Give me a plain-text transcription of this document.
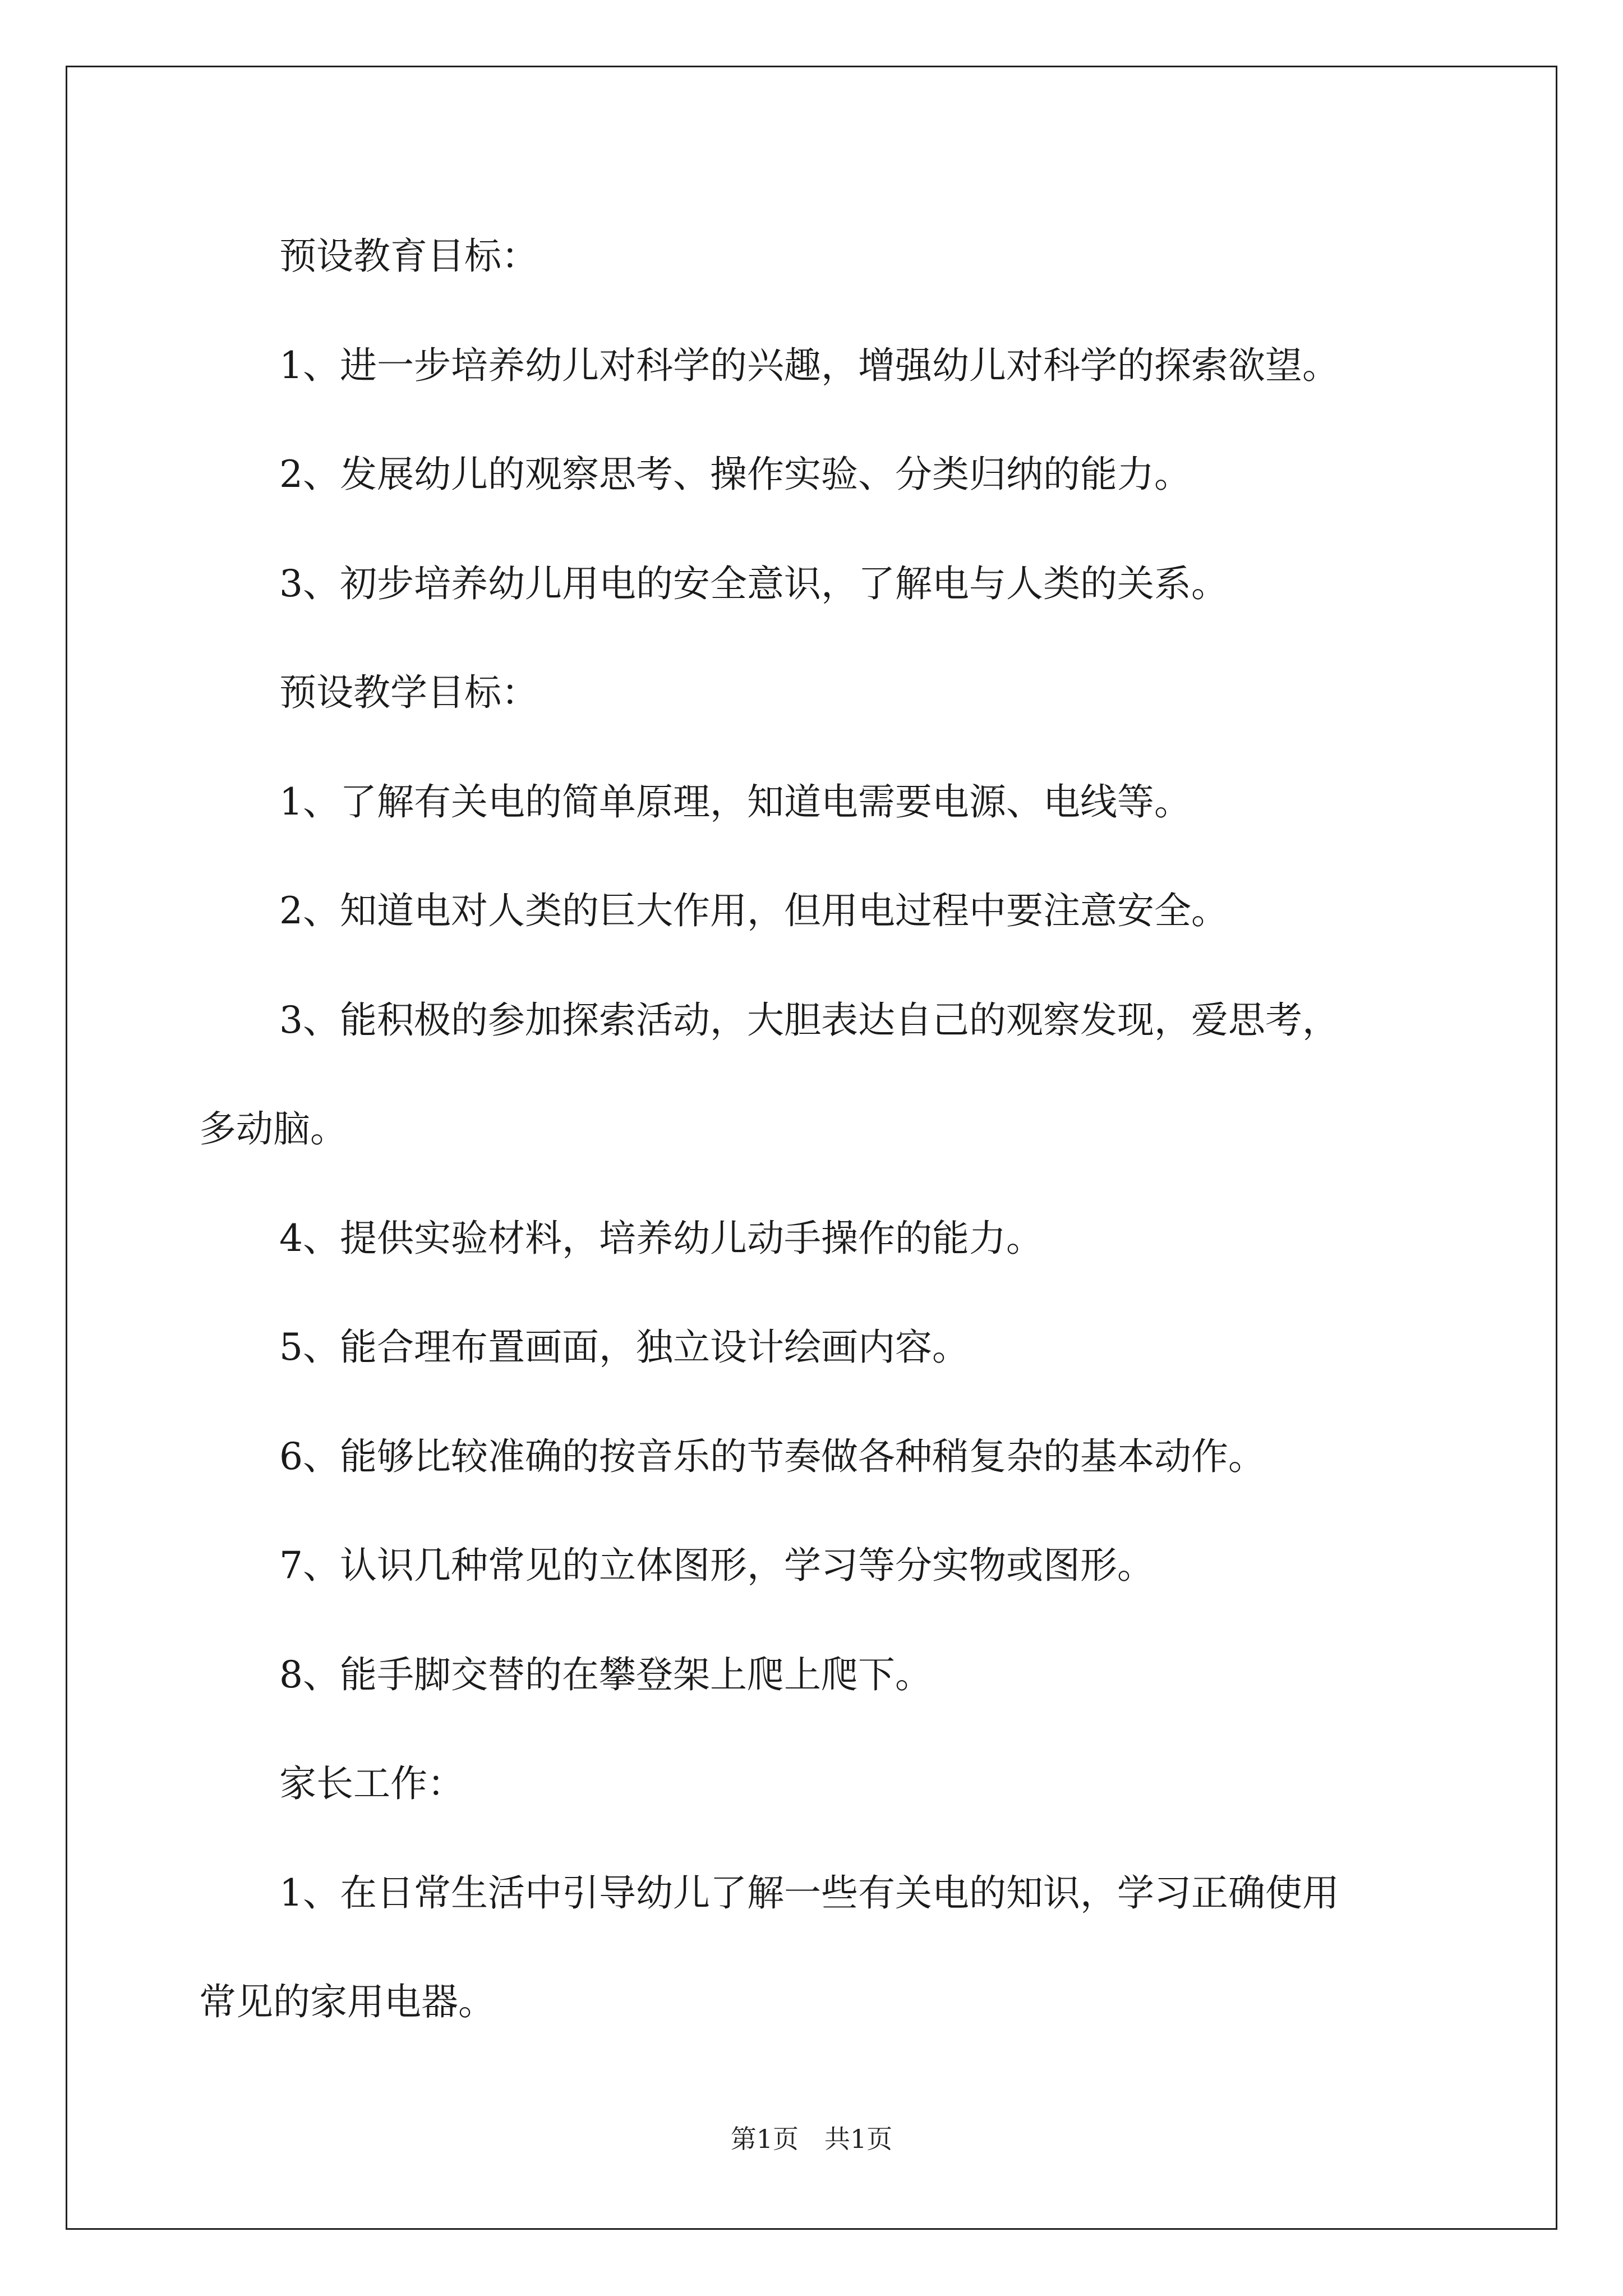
预设教育目标：

1、进一步培养幼儿对科学的兴趣，增强幼儿对科学的探索欲望。

2、发展幼儿的观察思考、操作实验、分类归纳的能力。

3、初步培养幼儿用电的安全意识，了解电与人类的关系。

预设教学目标：

1、了解有关电的简单原理，知道电需要电源、电线等。

2、知道电对人类的巨大作用，但用电过程中要注意安全。

3、能积极的参加探索活动，大胆表达自己的观察发现，爱思考，

多动脑。

4、提供实验材料，培养幼儿动手操作的能力。

5、能合理布置画面，独立设计绘画内容。

6、能够比较准确的按音乐的节奏做各种稍复杂的基本动作。

7、认识几种常见的立体图形，学习等分实物或图形。

8、能手脚交替的在攀登架上爬上爬下。

家长工作：

1、在日常生活中引导幼儿了解一些有关电的知识，学习正确使用

常见的家用电器。

第1页　共1页
